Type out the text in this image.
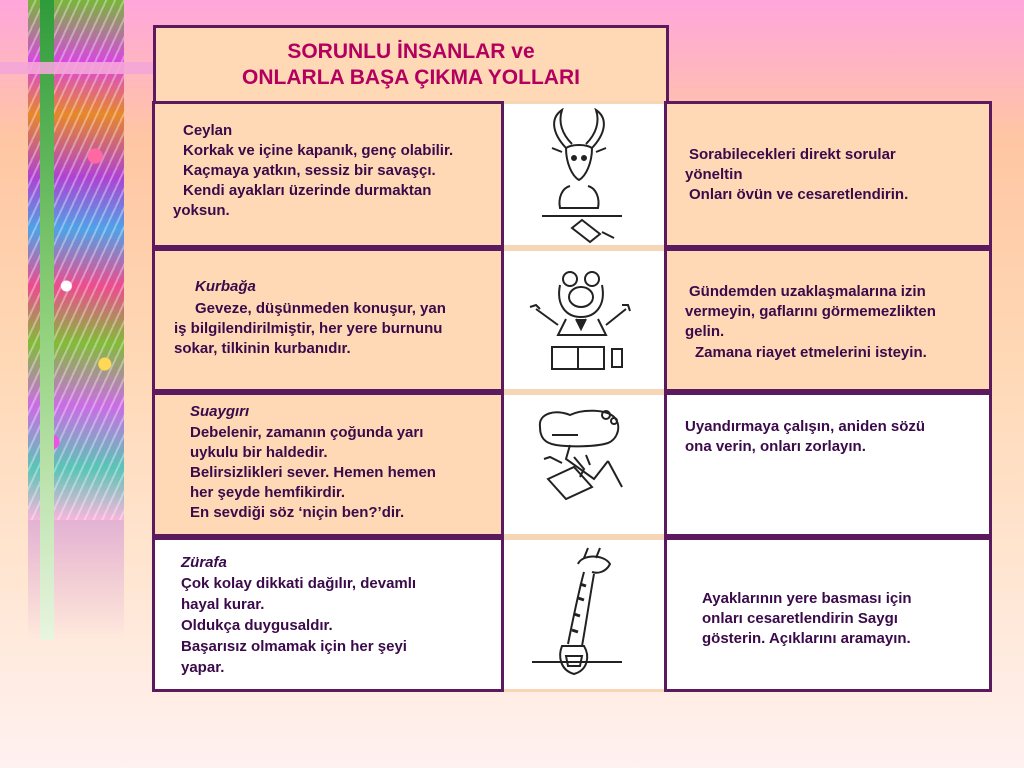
SORUNLU İNSANLAR ve
ONLARLA BAŞA ÇIKMA YOLLARI
Ceylan
Korkak ve içine kapanık, genç olabilir.
Kaçmaya yatkın, sessiz bir savaşçı.
Kendi ayakları üzerinde durmaktan
yoksun.
Sorabilecekleri direkt sorular
yöneltin
Onları övün ve cesaretlendirin.
Kurbağa
Geveze, düşünmeden konuşur, yan
iş bilgilendirilmiştir, her yere burnunu
sokar, tilkinin kurbanıdır.
Gündemden uzaklaşmalarına izin
vermeyin, gaflarını görmemezlikten
gelin.
Zamana riayet etmelerini isteyin.
Suaygırı
Debelenir, zamanın çoğunda yarı
uykulu bir haldedir.
Belirsizlikleri sever. Hemen hemen
her şeyde hemfikirdir.
En sevdiği söz ‘niçin ben?’dir.
Uyandırmaya çalışın, aniden sözü
ona verin, onları zorlayın.
Zürafa
Çok kolay dikkati dağılır, devamlı
hayal kurar.
Oldukça duygusaldır.
Başarısız olmamak için her şeyi
yapar.
Ayaklarının yere basması için
onları cesaretlendirin Saygı
gösterin. Açıklarını aramayın.
